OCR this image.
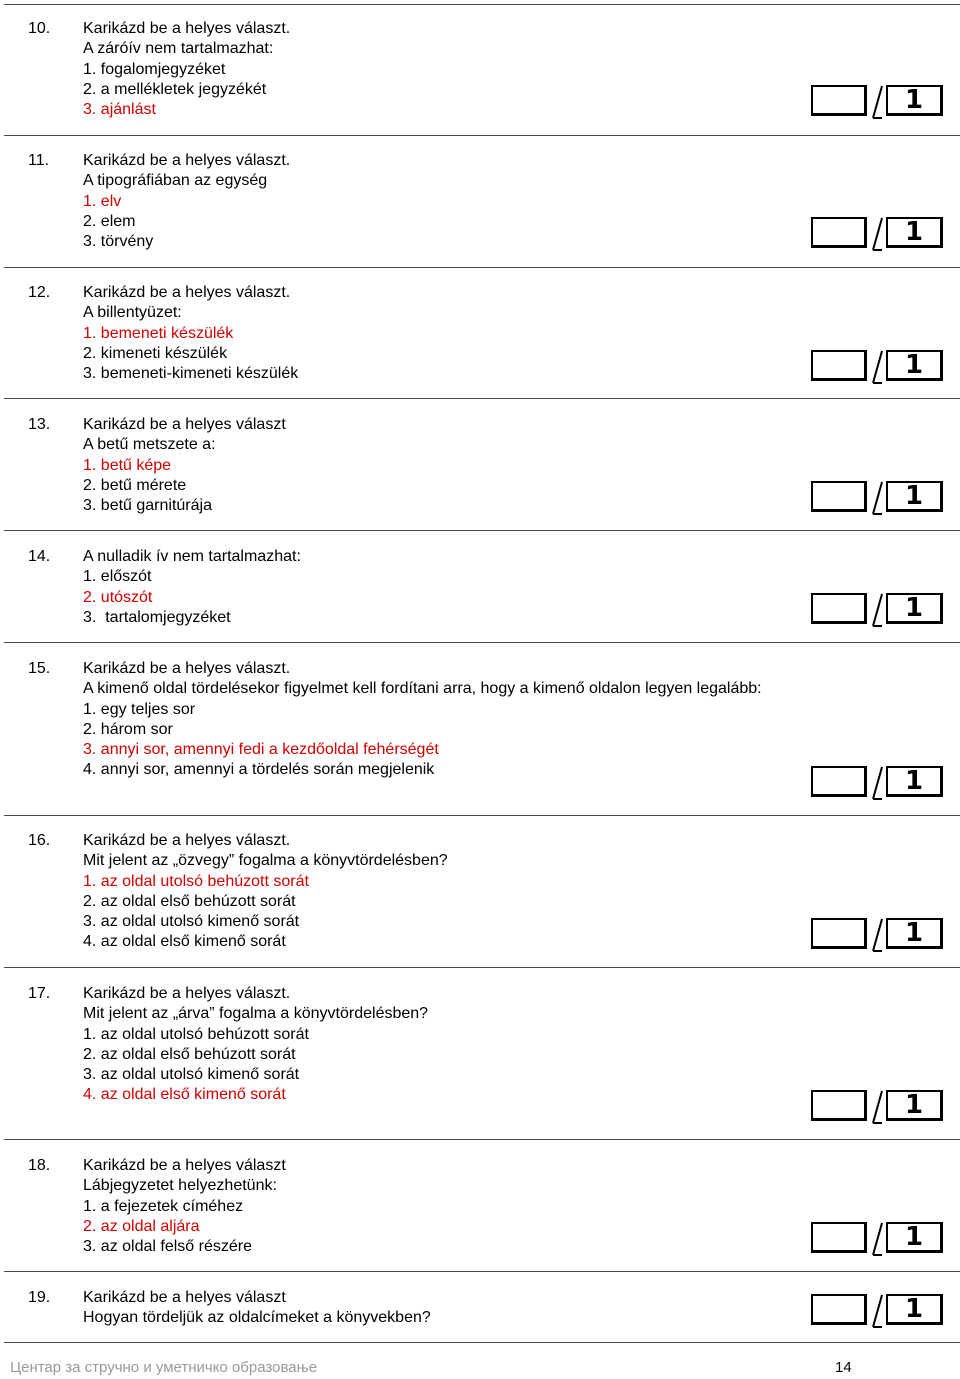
10. Karikázd be a helyes választ.
A záróív nem tartalmazhat:
1. fogalomjegyzéket
2. a mellékletek jegyzékét
3. ajánlást	1
11. Karikázd be a helyes választ.
A tipográfiában az egység
1. elv
2. elem
3. törvény	1
12. Karikázd be a helyes választ.
A billentyüzet:
1. bemeneti készülék
2. kimeneti készülék
3. bemeneti-kimeneti készülék	1
13. Karikázd be a helyes választ
A betű metszete a:
1. betű képe
2. betű mérete
3. betű garnitúrája	1
14. A nulladik ív nem tartalmazhat:
1. előszót
2. utószót
3.  tartalomjegyzéket	1
15. Karikázd be a helyes választ.
A kimenő oldal tördelésekor figyelmet kell fordítani arra, hogy a kimenő oldalon legyen legalább:
1. egy teljes sor
2. három sor
3. annyi sor, amennyi fedi a kezdőoldal fehérségét
4. annyi sor, amennyi a tördelés során megjelenik	1
16. Karikázd be a helyes választ.
Mit jelent az „özvegy” fogalma a könyvtördelésben?
1. az oldal utolsó behúzott sorát
2. az oldal első behúzott sorát
3. az oldal utolsó kimenő sorát
4. az oldal első kimenő sorát	1
17. Karikázd be a helyes választ.
Mit jelent az „árva” fogalma a könyvtördelésben?
1. az oldal utolsó behúzott sorát
2. az oldal első behúzott sorát
3. az oldal utolsó kimenő sorát
4. az oldal első kimenő sorát	1
18. Karikázd be a helyes választ
Lábjegyzetet helyezhetünk:
1. a fejezetek címéhez
2. az oldal aljára
3. az oldal felső részére	1
19. Karikázd be a helyes választ
Hogyan tördeljük az oldalcímeket a könyvekben?	1
Центар за стручно и уметничко образовање	14
